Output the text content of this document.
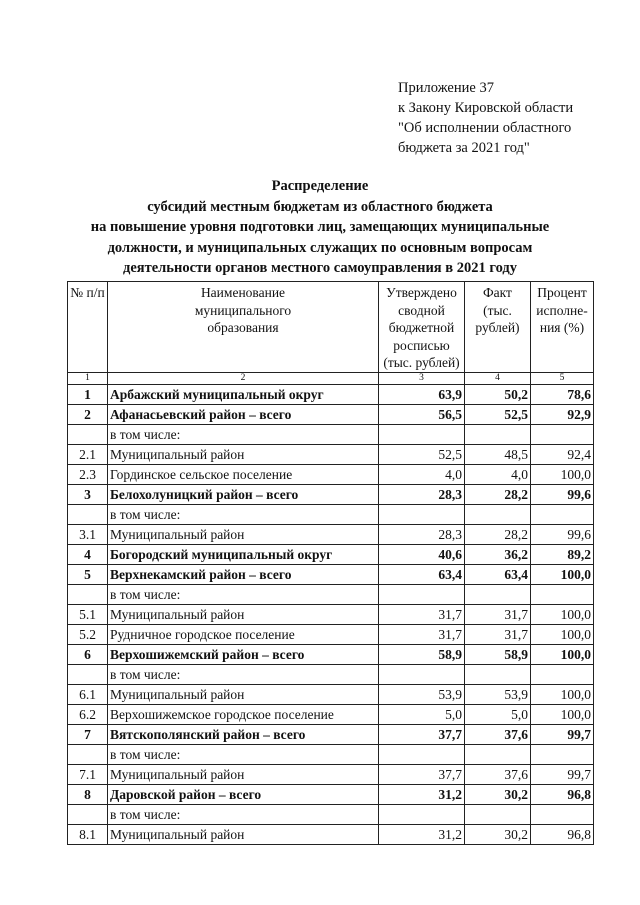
Приложение 37
к Закону Кировской области
"Об исполнении областного
бюджета за 2021 год"
Распределение
субсидий местным бюджетам из областного бюджета
на повышение уровня подготовки лиц, замещающих муниципальные
должности, и муниципальных служащих по основным вопросам
деятельности органов местного самоуправления в 2021 году
№ п/п	Наименование муниципального образования	Утверждено сводной бюджетной росписью (тыс. рублей)	Факт (тыс. рублей)	Процент исполне-ния (%)
1	2	3	4	5
1	Арбажский муниципальный округ	63,9	50,2	78,6
2	Афанасьевский район – всего	56,5	52,5	92,9
	в том числе:			
2.1	Муниципальный район	52,5	48,5	92,4
2.3	Гординское сельское поселение	4,0	4,0	100,0
3	Белохолуницкий район – всего	28,3	28,2	99,6
	в том числе:			
3.1	Муниципальный район	28,3	28,2	99,6
4	Богородский муниципальный округ	40,6	36,2	89,2
5	Верхнекамский район – всего	63,4	63,4	100,0
	в том числе:			
5.1	Муниципальный район	31,7	31,7	100,0
5.2	Рудничное городское поселение	31,7	31,7	100,0
6	Верхошижемский район – всего	58,9	58,9	100,0
	в том числе:			
6.1	Муниципальный район	53,9	53,9	100,0
6.2	Верхошижемское городское поселение	5,0	5,0	100,0
7	Вятскополянский район – всего	37,7	37,6	99,7
	в том числе:			
7.1	Муниципальный район	37,7	37,6	99,7
8	Даровской район – всего	31,2	30,2	96,8
	в том числе:			
8.1	Муниципальный район	31,2	30,2	96,8
